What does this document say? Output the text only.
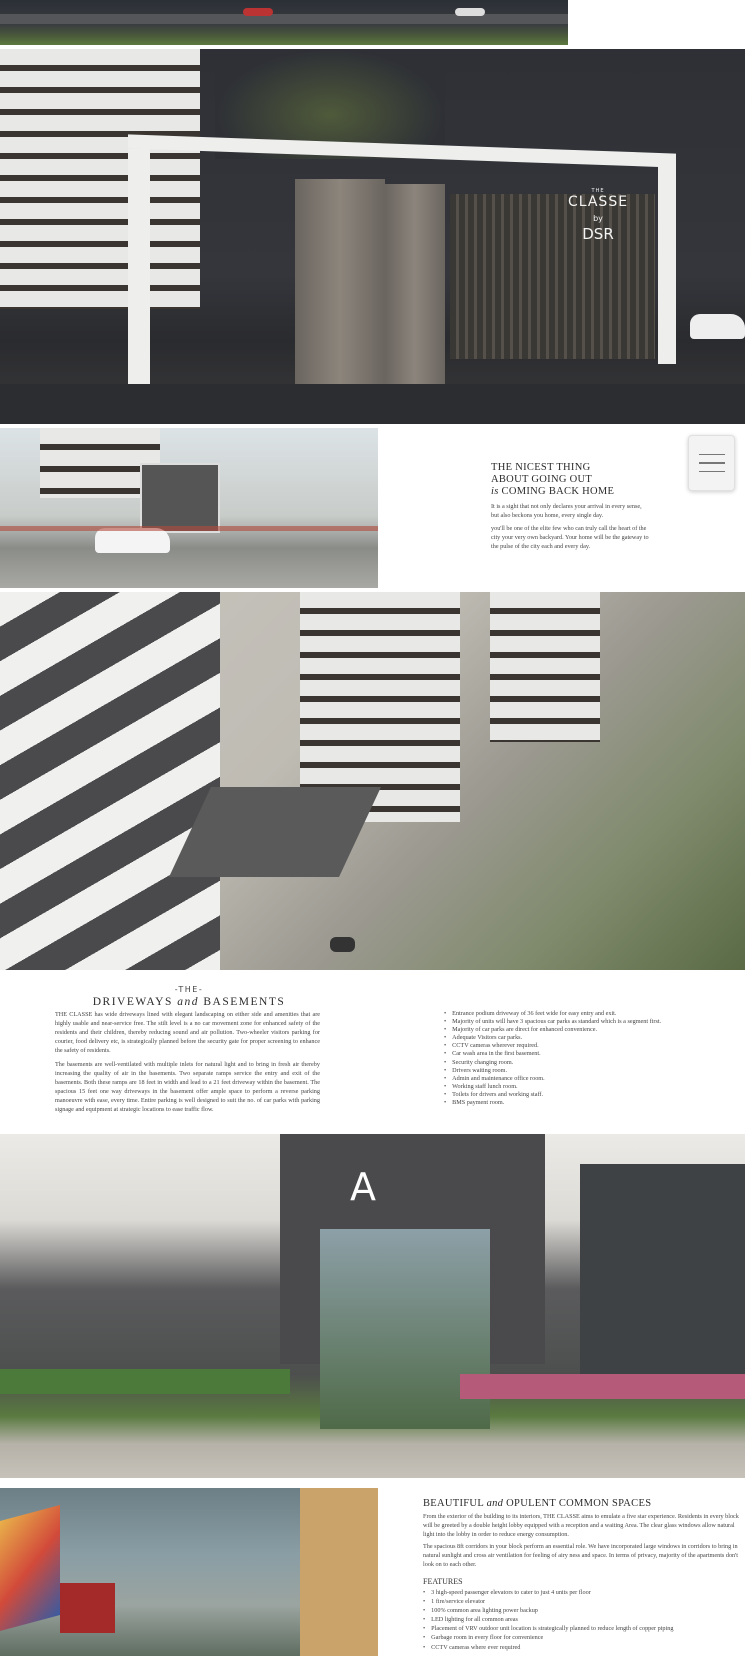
THE
CLASSE
by
DSR
THE NICEST THING
ABOUT GOING OUT
is COMING BACK HOME

It is a sight that not only declares your arrival in every sense, but also beckons you home, every single day.

you'll be one of the elite few who can truly call the heart of the city your very own backyard. Your home will be the gateway to the pulse of the city each and every day.

-THE-
DRIVEWAYS and BASEMENTS

THE CLASSE has wide driveways lined with elegant landscaping on either side and amenities that are highly usable and near-service free. The stilt level is a no car movement zone for enhanced safety of the residents and their children, thereby reducing sound and air pollution. Two-wheeler visitors parking for courier, food delivery etc, is strategically planned before the security gate for proper screening to enhance the safety of residents.

The basements are well-ventilated with multiple inlets for natural light and to bring in fresh air thereby increasing the quality of air in the basements. Two separate ramps service the entry and exit of the basements. Both these ramps are 18 feet in width and lead to a 21 feet driveway within the basement. The spacious 15 feet one way driveways in the basement offer ample space to perform a reverse parking manoeuvre with ease, every time. Entire parking is well designed to suit the no. of car parks with parking signage and equipment at strategic locations to ease traffic flow.

• Entrance podium driveway of 36 feet wide for easy entry and exit.
• Majority of units will have 3 spacious car parks as standard which is a segment first.
• Majority of car parks are direct for enhanced convenience.
• Adequate Visitors car parks.
• CCTV cameras wherever required.
• Car wash area in the first basement.
• Security changing room.
• Drivers waiting room.
• Admin and maintenance office room.
• Working staff lunch room.
• Toilets for drivers and working staff.
• BMS payment room.
A
BEAUTIFUL and OPULENT COMMON SPACES

From the exterior of the building to its interiors, THE CLASSE aims to emulate a five star experience. Residents in every block will be greeted by a double height lobby equipped with a reception and a waiting Area. The clear glass windows allow natural light into the lobby in order to reduce energy consumption.

The spacious 8ft corridors in your block perform an essential role. We have incorporated large windows in corridors to bring in natural sunlight and cross air ventilation for feeling of airy ness and space. In terms of privacy, majority of the apartments don't look on to each other.

FEATURES
• 3 high-speed passenger elevators to cater to just 4 units per floor
• 1 fire/service elevator
• 100% common area lighting power backup
• LED lighting for all common areas
• Placement of VRV outdoor unit location is strategically planned to reduce length of copper piping
• Garbage room in every floor for convenience
• CCTV cameras where ever required
